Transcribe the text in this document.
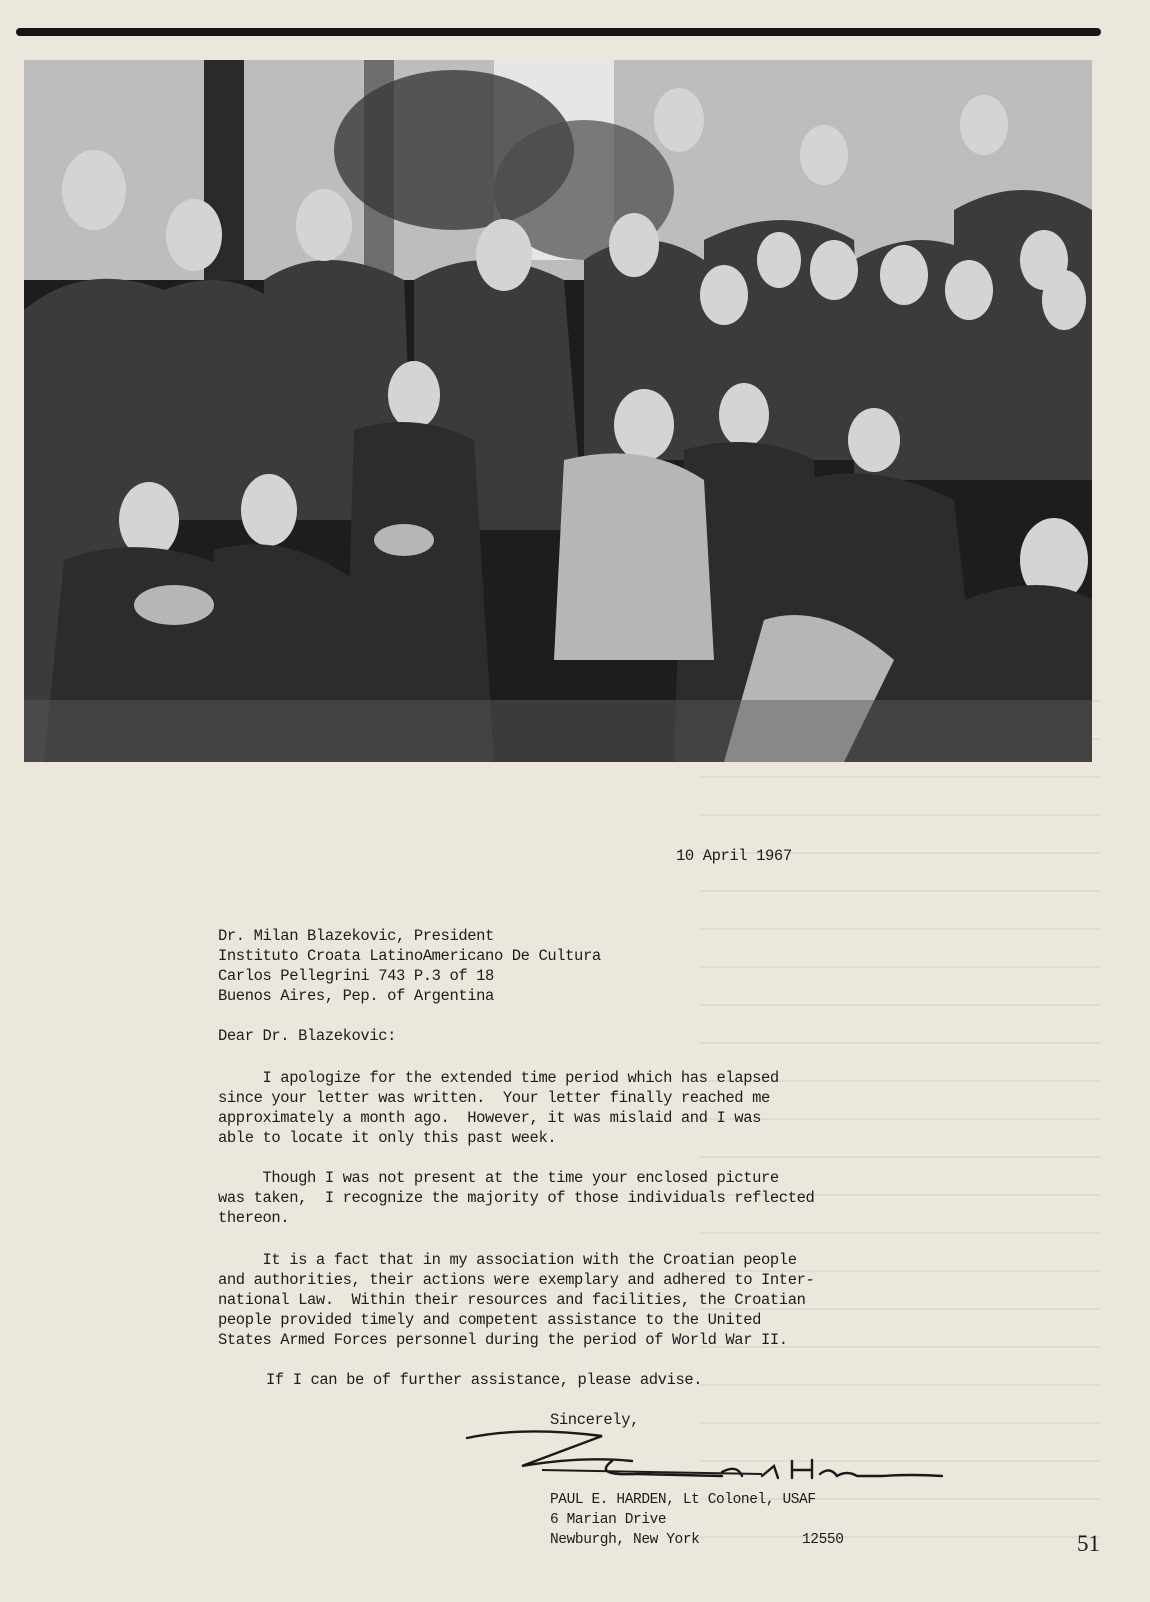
10 April 1967
Dr. Milan Blazekovic, President
Instituto Croata LatinoAmericano De Cultura
Carlos Pellegrini 743 P.3 of 18
Buenos Aires, Pep. of Argentina
Dear Dr. Blazekovic:
I apologize for the extended time period which has elapsed
since your letter was written.  Your letter finally reached me
approximately a month ago.  However, it was mislaid and I was
able to locate it only this past week.
Though I was not present at the time your enclosed picture
was taken,  I recognize the majority of those individuals reflected
thereon.
It is a fact that in my association with the Croatian people
and authorities, their actions were exemplary and adhered to Inter-
national Law.  Within their resources and facilities, the Croatian
people provided timely and competent assistance to the United
States Armed Forces personnel during the period of World War II.
If I can be of further assistance, please advise.
Sincerely,
PAUL E. HARDEN, Lt Colonel, USAF
6 Marian Drive
Newburgh, New York	12550	51
